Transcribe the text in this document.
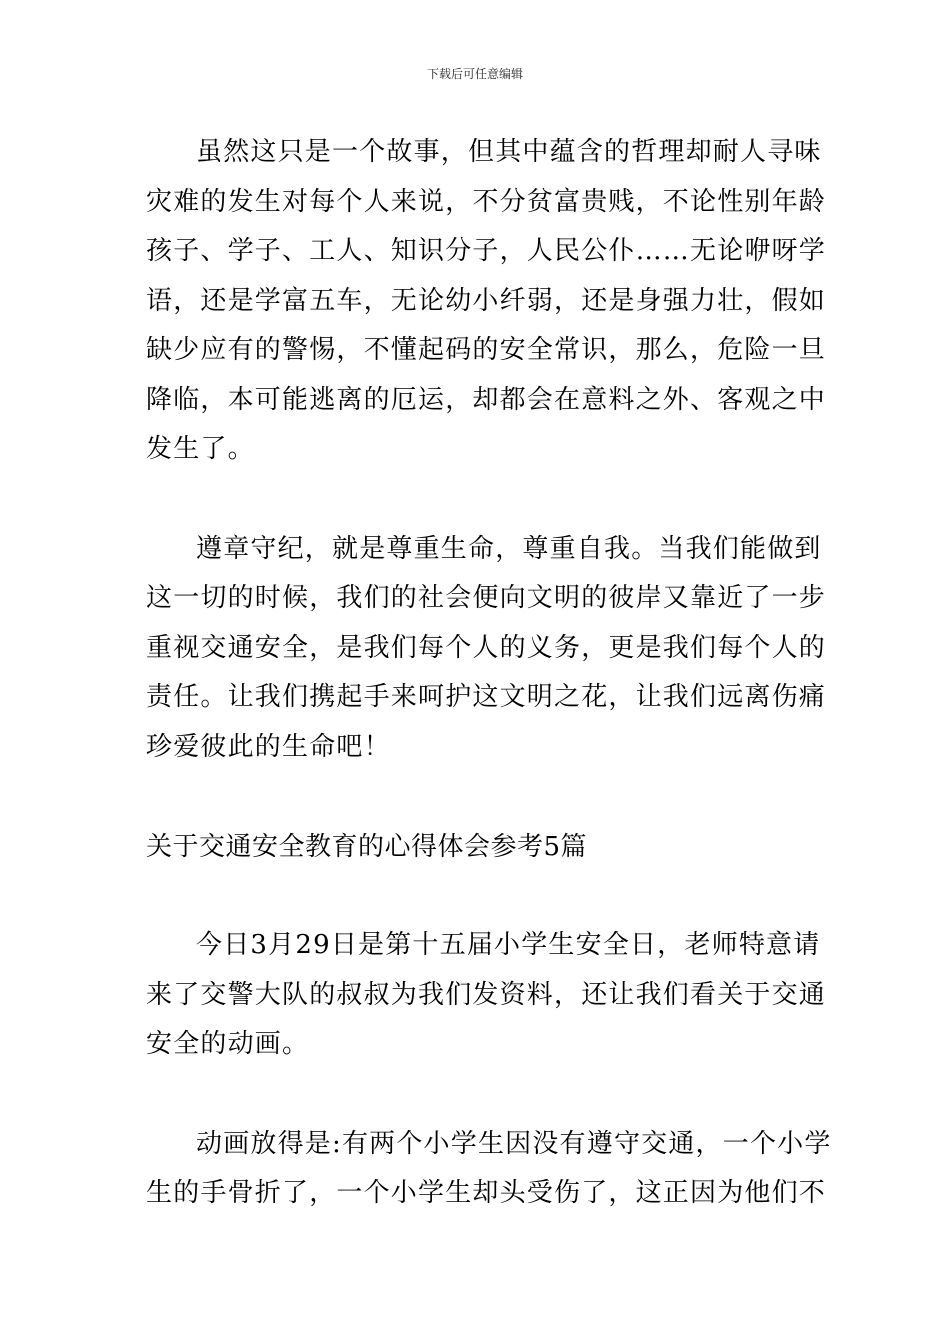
下载后可任意编辑
虽然这只是一个故事，但其中蕴含的哲理却耐人寻味
灾难的发生对每个人来说，不分贫富贵贱，不论性别年龄
孩子、学子、工人、知识分子，人民公仆……无论咿呀学
语，还是学富五车，无论幼小纤弱，还是身强力壮，假如
缺少应有的警惕，不懂起码的安全常识，那么，危险一旦
降临，本可能逃离的厄运，却都会在意料之外、客观之中
发生了。
遵章守纪，就是尊重生命，尊重自我。当我们能做到
这一切的时候，我们的社会便向文明的彼岸又靠近了一步
重视交通安全，是我们每个人的义务，更是我们每个人的
责任。让我们携起手来呵护这文明之花，让我们远离伤痛
珍爱彼此的生命吧！
关于交通安全教育的心得体会参考5篇
今日3月29日是第十五届小学生安全日，老师特意请
来了交警大队的叔叔为我们发资料，还让我们看关于交通
安全的动画。
动画放得是:有两个小学生因没有遵守交通，一个小学
生的手骨折了，一个小学生却头受伤了，这正因为他们不
